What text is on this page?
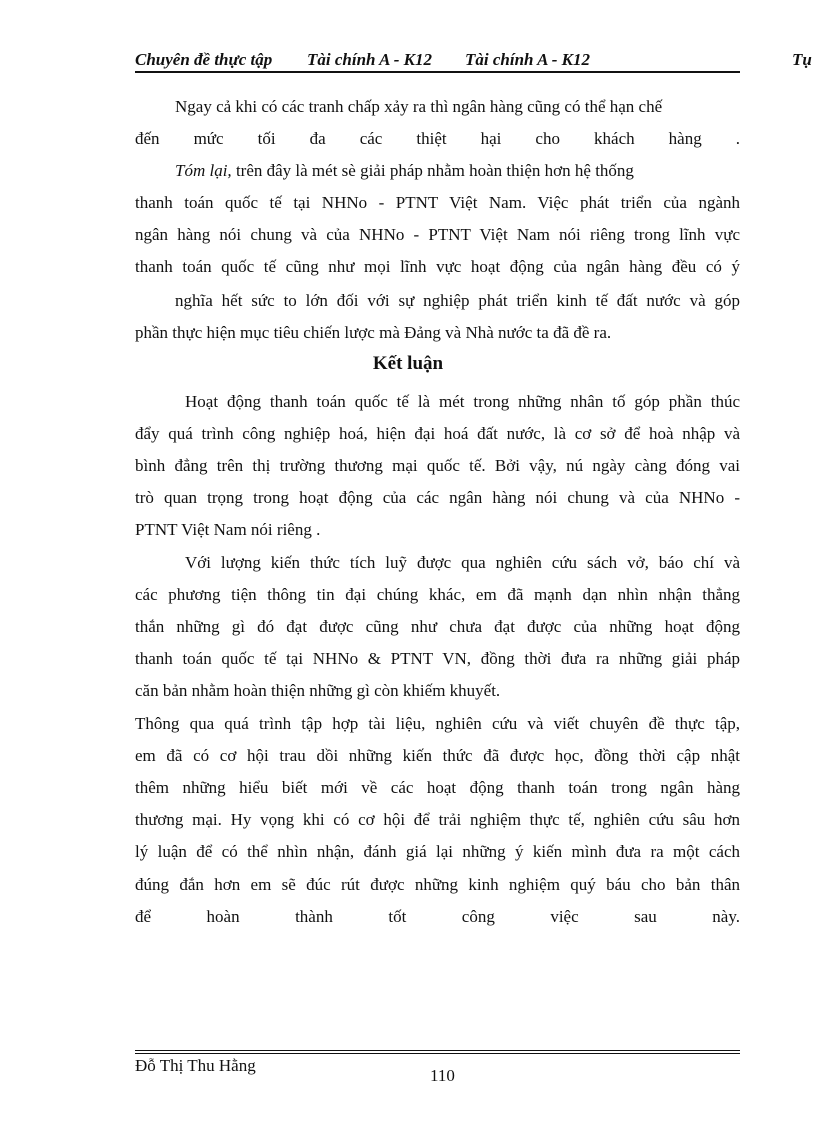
Chuyên đề thực tập Tài chính A - K12 Tài chính A - K12	Tụ
Ngay cả khi có các tranh chấp xảy ra thì ngân hàng cũng có thể hạn chế
đến mức tối đa các thiệt hại cho khách hàng .
Tóm lại, trên đây là mét sè giải pháp nhằm hoàn thiện hơn hệ thống
thanh toán quốc tế tại NHNo - PTNT Việt Nam. Việc phát triển của ngành
ngân hàng nói chung và của NHNo - PTNT Việt Nam nói riêng trong lĩnh vực
thanh toán quốc tế cũng như mọi lĩnh vực hoạt động của ngân hàng đều có ý
nghĩa hết sức to lớn đối với sự nghiệp phát triển kinh tế đất nước và góp
phần thực hiện mục tiêu chiến lược mà Đảng và Nhà nước ta đã đề ra.
Kết luận
Hoạt động thanh toán quốc tế là mét trong những nhân tố góp phần thúc
đẩy quá trình công nghiệp hoá, hiện đại hoá đất nước, là cơ sở để hoà nhập và
bình đẳng trên thị trường thương mại quốc tế. Bởi vậy, nú ngày càng đóng vai
trò quan trọng trong hoạt động của các ngân hàng nói chung và của NHNo -
PTNT Việt Nam nói riêng .
Với lượng kiến thức tích luỹ được qua nghiên cứu sách vở, báo chí và
các phương tiện thông tin đại chúng khác, em đã mạnh dạn nhìn nhận thẳng
thắn những gì đó đạt được cũng như chưa đạt được của những hoạt động
thanh toán quốc tế tại NHNo & PTNT VN, đồng thời đưa ra những giải pháp
căn bản nhằm hoàn thiện những gì còn khiếm khuyết.
Thông qua quá trình tập hợp tài liệu, nghiên cứu và viết chuyên đề thực tập,
em đã có cơ hội trau dồi những kiến thức đã được học, đồng thời cập nhật
thêm những hiểu biết mới về các hoạt động thanh toán trong ngân hàng
thương mại. Hy vọng khi có cơ hội để trải nghiệm thực tế, nghiên cứu sâu hơn
lý luận để có thể nhìn nhận, đánh giá lại những ý kiến mình đưa ra một cách
đúng đắn hơn em sẽ đúc rút được những kinh nghiệm quý báu cho bản thân
để hoàn thành tốt công việc sau này.
Đỗ Thị Thu Hằng
110
